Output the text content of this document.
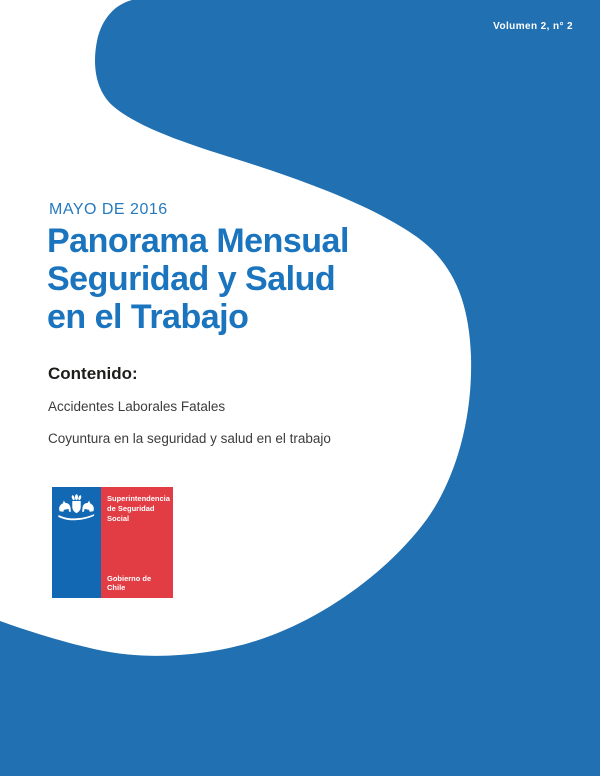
Volumen 2, n° 2
MAYO DE 2016
Panorama Mensual
Seguridad y Salud
en el Trabajo
Contenido:
Accidentes Laborales Fatales
Coyuntura en la seguridad y salud en el trabajo
Superintendencia
de Seguridad
Social
Gobierno de Chile
